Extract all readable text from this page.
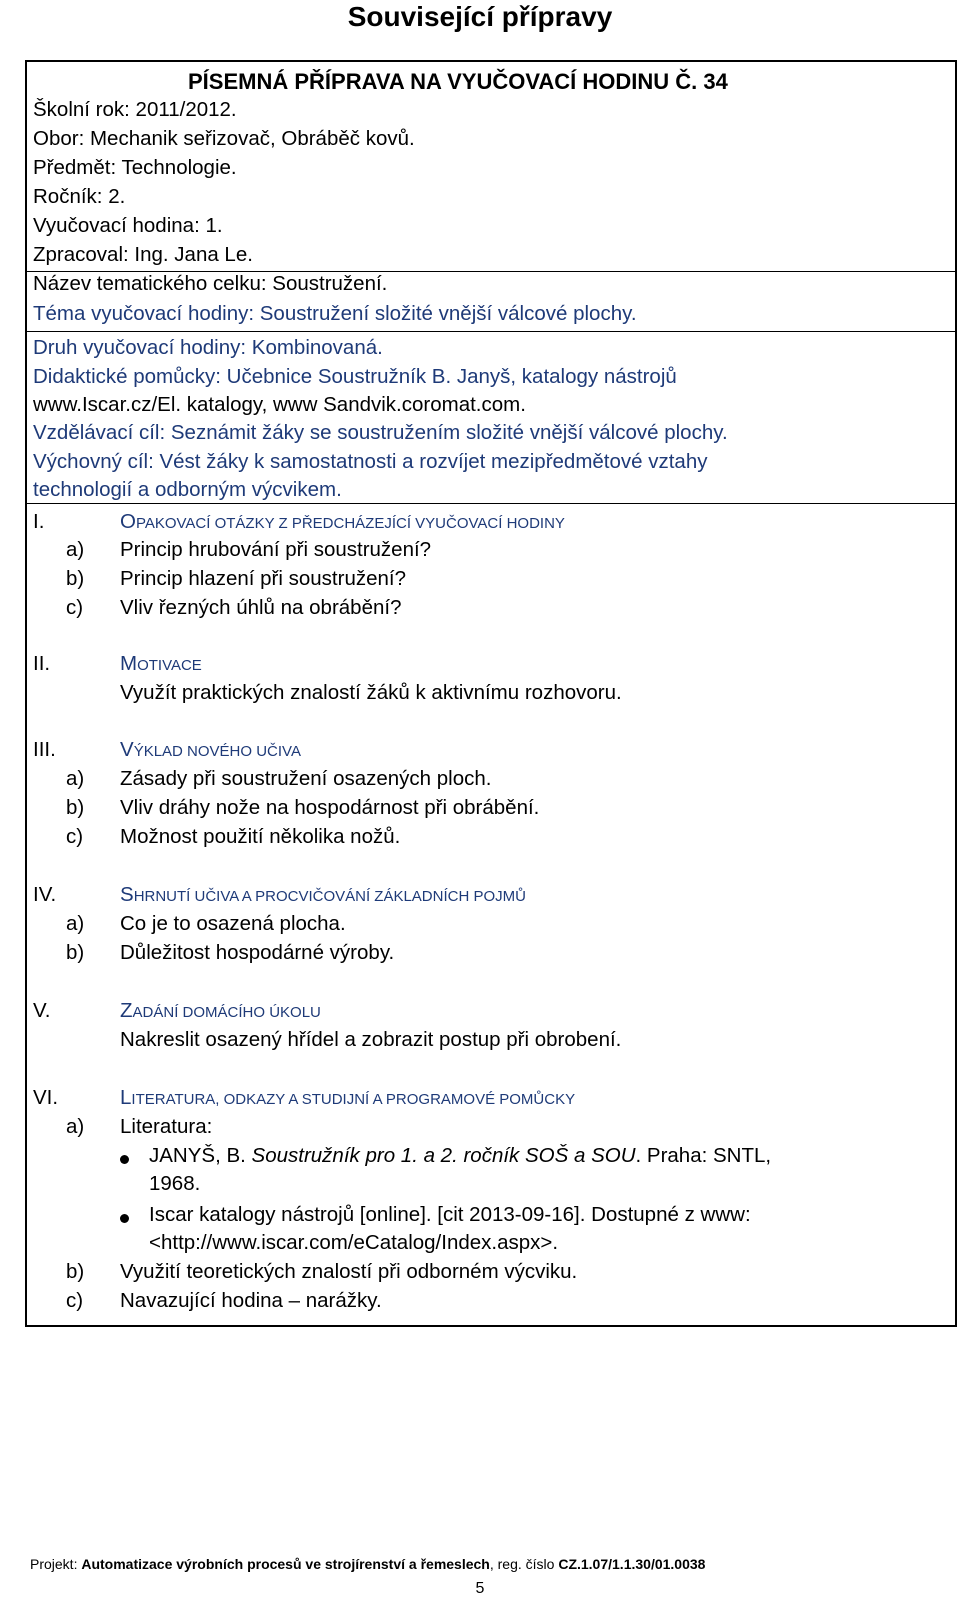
Související přípravy
PÍSEMNÁ PŘÍPRAVA NA VYUČOVACÍ HODINU Č. 34
Školní rok: 2011/2012.
Obor: Mechanik seřizovač, Obráběč kovů.
Předmět: Technologie.
Ročník: 2.
Vyučovací hodina: 1.
Zpracoval: Ing. Jana Le.
Název tematického celku: Soustružení.
Téma vyučovací hodiny: Soustružení složité vnější válcové plochy.
Druh vyučovací hodiny: Kombinovaná.
Didaktické pomůcky: Učebnice Soustružník B. Janyš, katalogy nástrojů
www.Iscar.cz/El. katalogy, www Sandvik.coromat.com.
Vzdělávací cíl: Seznámit žáky se soustružením složité vnější válcové plochy.
Výchovný cíl: Vést žáky k samostatnosti a rozvíjet mezipředmětové vztahy
technologií a odborným výcvikem.
I.	OPAKOVACÍ OTÁZKY Z PŘEDCHÁZEJÍCÍ VYUČOVACÍ HODINY
a) Princip hrubování při soustružení?
b) Princip hlazení při soustružení?
c) Vliv řezných úhlů na obrábění?
II.	MOTIVACE
Využít praktických znalostí žáků k aktivnímu rozhovoru.
III.	VÝKLAD NOVÉHO UČIVA
a) Zásady při soustružení osazených ploch.
b) Vliv dráhy nože na hospodárnost při obrábění.
c) Možnost použití několika nožů.
IV.	SHRNUTÍ UČIVA A PROCVIČOVÁNÍ ZÁKLADNÍCH POJMŮ
a) Co je to osazená plocha.
b) Důležitost hospodárné výroby.
V.	ZADÁNÍ DOMÁCÍHO ÚKOLU
Nakreslit osazený hřídel a zobrazit postup při obrobení.
VI.	LITERATURA, ODKAZY A STUDIJNÍ A PROGRAMOVÉ POMŮCKY
a) Literatura:
JANYŠ, B. Soustružník pro 1. a 2. ročník SOŠ a SOU. Praha: SNTL,
1968.
Iscar katalogy nástrojů [online]. [cit 2013-09-16]. Dostupné z www:
<http://www.iscar.com/eCatalog/Index.aspx>.
b) Využití teoretických znalostí při odborném výcviku.
c) Navazující hodina – narážky.
Projekt: Automatizace výrobních procesů ve strojírenství a řemeslech, reg. číslo CZ.1.07/1.1.30/01.0038
5
